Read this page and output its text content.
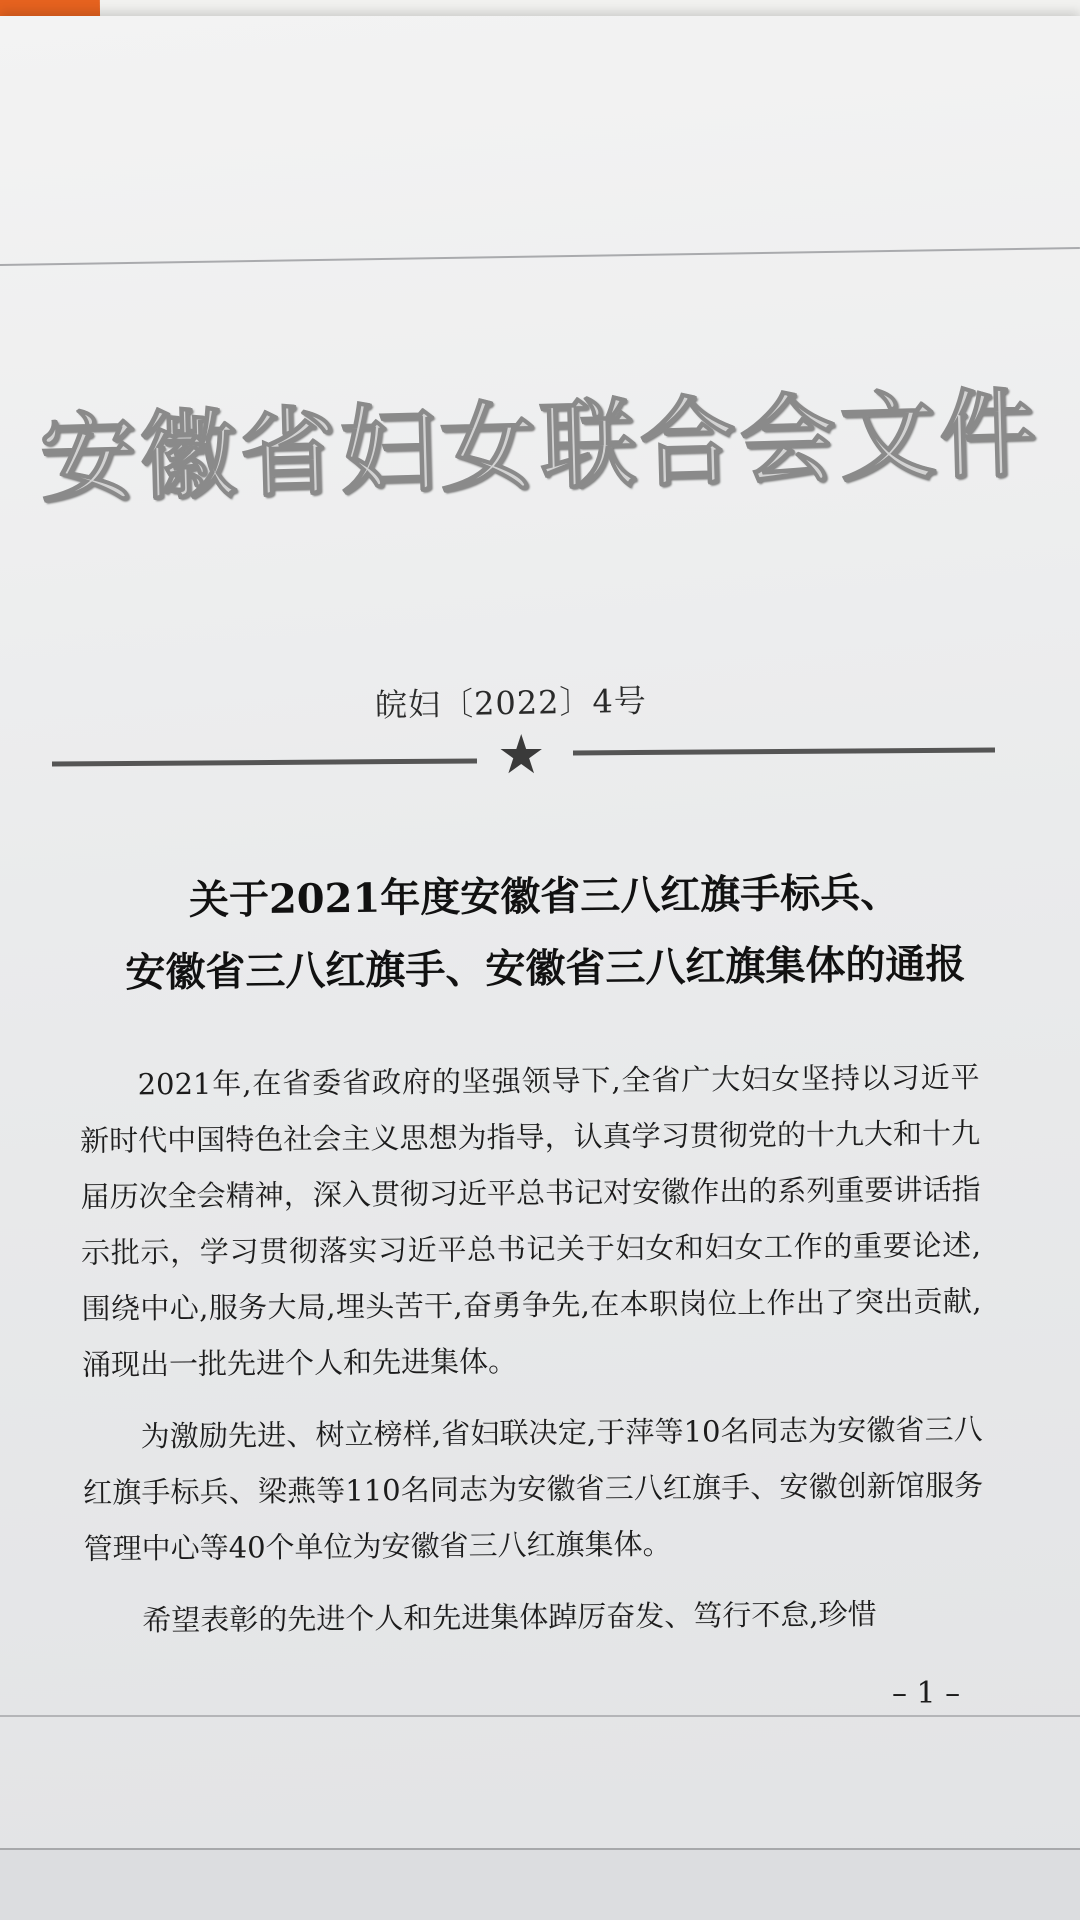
安徽省妇女联合会文件
皖妇〔2022〕4号
★
关于2021年度安徽省三八红旗手标兵、
安徽省三八红旗手、安徽省三八红旗集体的通报

2021年,在省委省政府的坚强领导下,全省广大妇女坚持以习近平新时代中国特色社会主义思想为指导，认真学习贯彻党的十九大和十九届历次全会精神，深入贯彻习近平总书记对安徽作出的系列重要讲话指示批示，学习贯彻落实习近平总书记关于妇女和妇女工作的重要论述,围绕中心,服务大局,埋头苦干,奋勇争先,在本职岗位上作出了突出贡献,涌现出一批先进个人和先进集体。

为激励先进、树立榜样,省妇联决定,于萍等10名同志为安徽省三八红旗手标兵、梁燕等110名同志为安徽省三八红旗手、安徽创新馆服务管理中心等40个单位为安徽省三八红旗集体。

希望表彰的先进个人和先进集体踔厉奋发、笃行不怠,珍惜

– 1 –
